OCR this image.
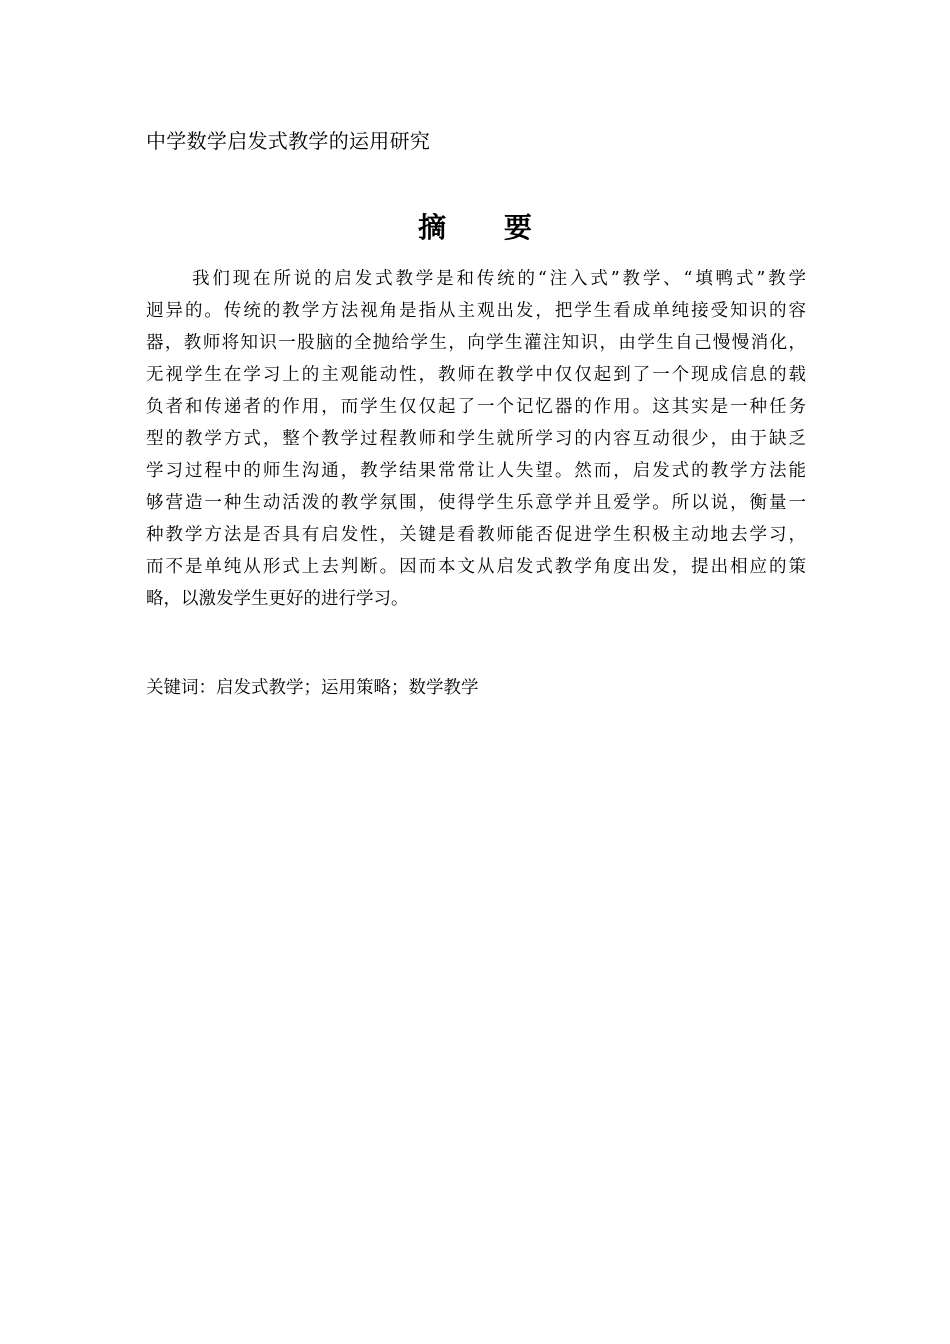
中学数学启发式教学的运用研究
摘 要
我们现在所说的启发式教学是和传统的“注入式”教学、“填鸭式”教学
迥异的。传统的教学方法视角是指从主观出发，把学生看成单纯接受知识的容
器，教师将知识一股脑的全抛给学生，向学生灌注知识，由学生自己慢慢消化，
无视学生在学习上的主观能动性，教师在教学中仅仅起到了一个现成信息的载
负者和传递者的作用，而学生仅仅起了一个记忆器的作用。这其实是一种任务
型的教学方式，整个教学过程教师和学生就所学习的内容互动很少，由于缺乏
学习过程中的师生沟通，教学结果常常让人失望。然而，启发式的教学方法能
够营造一种生动活泼的教学氛围，使得学生乐意学并且爱学。所以说，衡量一
种教学方法是否具有启发性，关键是看教师能否促进学生积极主动地去学习，
而不是单纯从形式上去判断。因而本文从启发式教学角度出发，提出相应的策
略，以激发学生更好的进行学习。
关键词：启发式教学；运用策略；数学教学
